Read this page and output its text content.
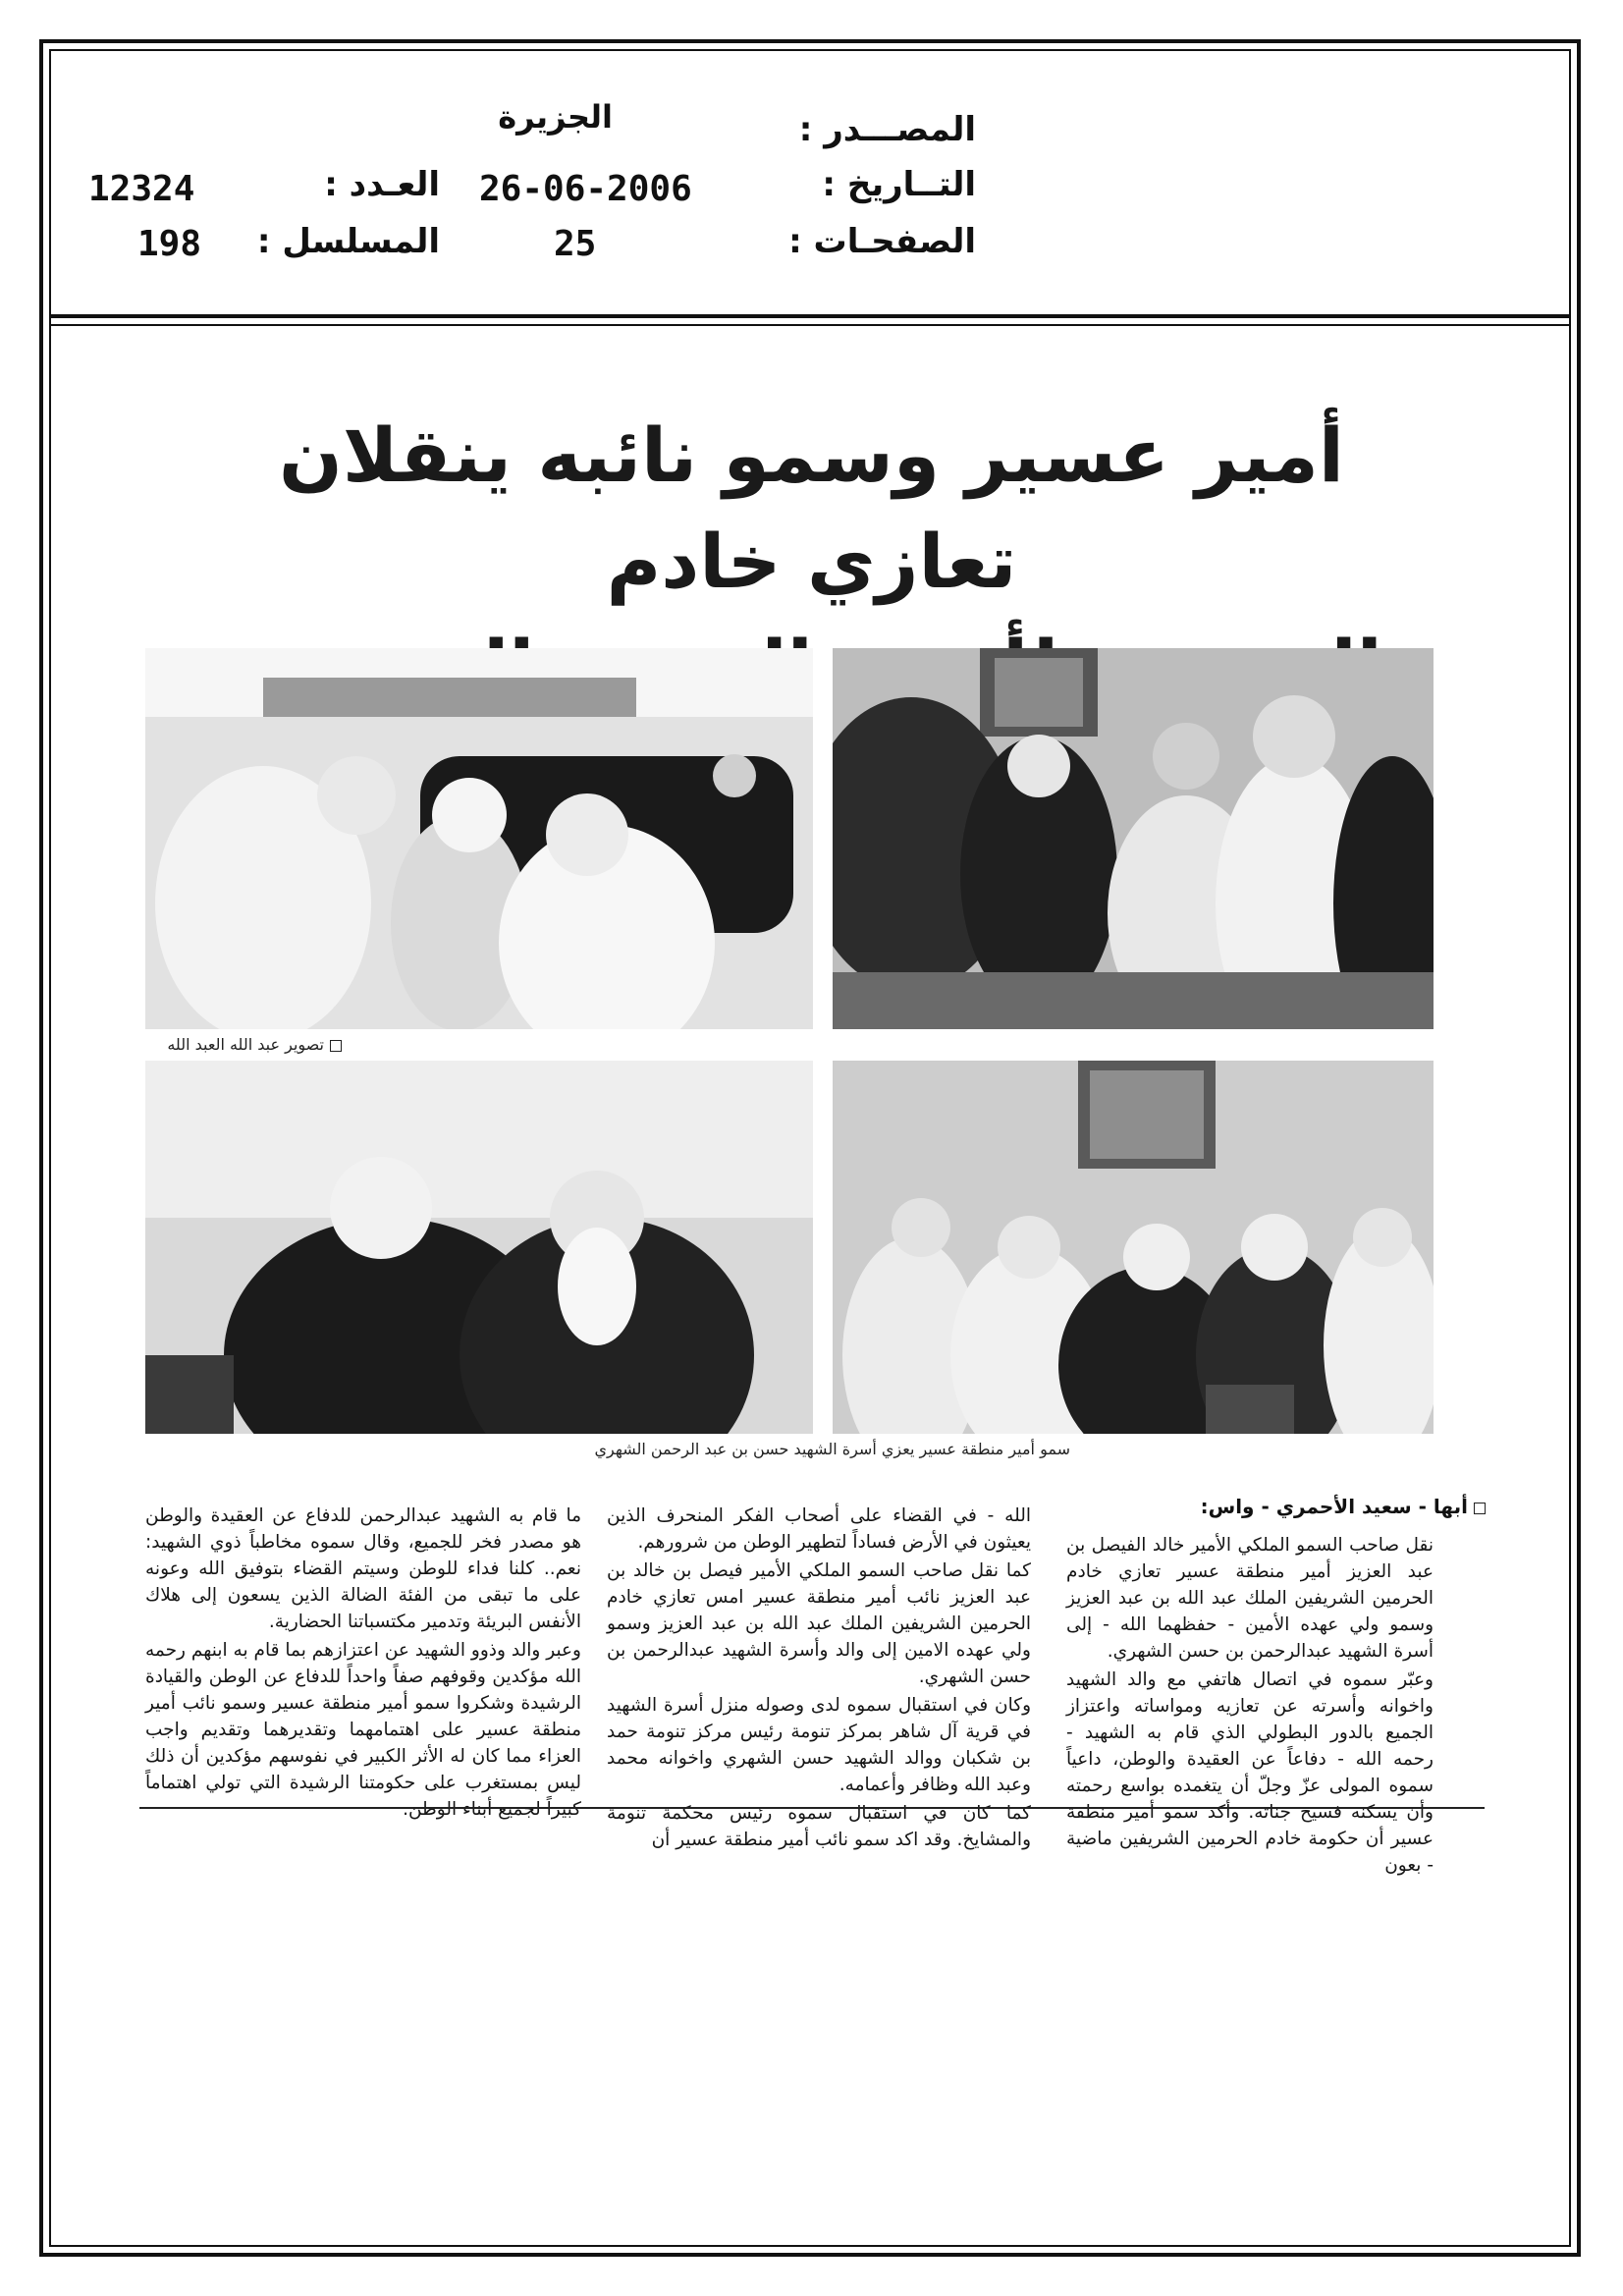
المصـــدر :
الجزيرة
التــاريخ :
26-06-2006
العـدد :
12324
الصفحـات :
25
المسلسل :
198
أمير عسير وسمو نائبه ينقلان تعازي خادم
تصوير عبد الله العبد الله
سمو أمير منطقة عسير يعزي أسرة الشهيد حسن بن عبد الرحمن الشهري
أبها - سعيد الأحمري - واس:

نقل صاحب السمو الملكي الأمير خالد الفيصل بن عبد العزيز أمير منطقة عسير تعازي خادم الحرمين الشريفين الملك عبد الله بن عبد العزيز وسمو ولي عهده الأمين - حفظهما الله - إلى أسرة الشهيد عبدالرحمن بن حسن الشهري.

وعبّر سموه في اتصال هاتفي مع والد الشهيد واخوانه وأسرته عن تعازيه ومواساته واعتزاز الجميع بالدور البطولي الذي قام به الشهيد - رحمه الله - دفاعاً عن العقيدة والوطن، داعياً سموه المولى عزّ وجلّ أن يتغمده بواسع رحمته وأن يسكنه فسيح جناته. وأكد سمو أمير منطقة عسير أن حكومة خادم الحرمين الشريفين ماضية - بعون

الله - في القضاء على أصحاب الفكر المنحرف الذين يعيثون في الأرض فساداً لتطهير الوطن من شرورهم.

كما نقل صاحب السمو الملكي الأمير فيصل بن خالد بن عبد العزيز نائب أمير منطقة عسير امس تعازي خادم الحرمين الشريفين الملك عبد الله بن عبد العزيز وسمو ولي عهده الامين إلى والد وأسرة الشهيد عبدالرحمن بن حسن الشهري.

وكان في استقبال سموه لدى وصوله منزل أسرة الشهيد في قرية آل شاهر بمركز تنومة رئيس مركز تنومة حمد بن شكبان ووالد الشهيد حسن الشهري واخوانه محمد وعبد الله وظافر وأعمامه.

كما كان في استقبال سموه رئيس محكمة تنومة والمشايخ. وقد اكد سمو نائب أمير منطقة عسير أن

ما قام به الشهيد عبدالرحمن للدفاع عن العقيدة والوطن هو مصدر فخر للجميع، وقال سموه مخاطباً ذوي الشهيد: نعم.. كلنا فداء للوطن وسيتم القضاء بتوفيق الله وعونه على ما تبقى من الفئة الضالة الذين يسعون إلى هلاك الأنفس البريئة وتدمير مكتسباتنا الحضارية.

وعبر والد وذوو الشهيد عن اعتزازهم بما قام به ابنهم رحمه الله مؤكدين وقوفهم صفاً واحداً للدفاع عن الوطن والقيادة الرشيدة وشكروا سمو أمير منطقة عسير وسمو نائب أمير منطقة عسير على اهتمامهما وتقديرهما وتقديم واجب العزاء مما كان له الأثر الكبير في نفوسهم مؤكدين أن ذلك ليس بمستغرب على حكومتنا الرشيدة التي تولي اهتماماً كبيراً لجميع أبناء الوطن.
